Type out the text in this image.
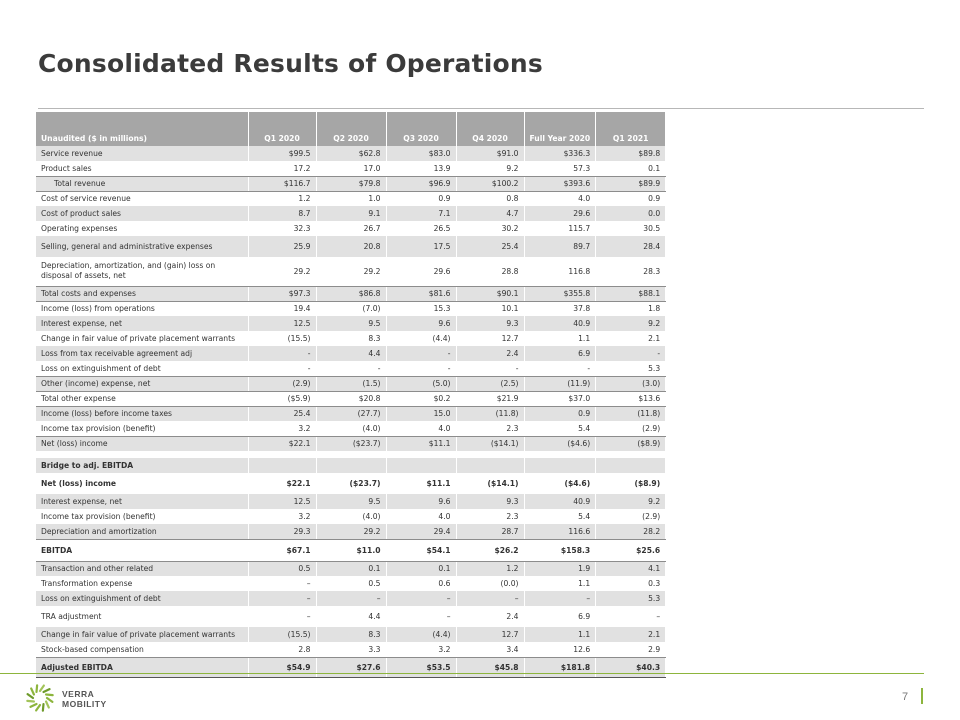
Consolidated Results of Operations
Unaudited ($ in millions)	Q1 2020	Q2 2020	Q3 2020	Q4 2020	Full Year 2020	Q1 2021
Service revenue	$99.5	$62.8	$83.0	$91.0	$336.3	$89.8
Product sales	17.2	17.0	13.9	9.2	57.3	0.1
Total revenue	$116.7	$79.8	$96.9	$100.2	$393.6	$89.9
Cost of service revenue	1.2	1.0	0.9	0.8	4.0	0.9
Cost of product sales	8.7	9.1	7.1	4.7	29.6	0.0
Operating expenses	32.3	26.7	26.5	30.2	115.7	30.5
Selling, general and administrative expenses	25.9	20.8	17.5	25.4	89.7	28.4
Depreciation, amortization, and (gain) loss on
disposal of assets, net	29.2	29.2	29.6	28.8	116.8	28.3
Total costs and expenses	$97.3	$86.8	$81.6	$90.1	$355.8	$88.1
Income (loss) from operations	19.4	(7.0)	15.3	10.1	37.8	1.8
Interest expense, net	12.5	9.5	9.6	9.3	40.9	9.2
Change in fair value of private placement warrants	(15.5)	8.3	(4.4)	12.7	1.1	2.1
Loss from tax receivable agreement adj	-	4.4	-	2.4	6.9	-
Loss on extinguishment of debt	-	-	-	-	-	5.3
Other (income) expense, net	(2.9)	(1.5)	(5.0)	(2.5)	(11.9)	(3.0)
Total other expense	($5.9)	$20.8	$0.2	$21.9	$37.0	$13.6
Income (loss) before income taxes	25.4	(27.7)	15.0	(11.8)	0.9	(11.8)
Income tax provision (benefit)	3.2	(4.0)	4.0	2.3	5.4	(2.9)
Net (loss) income	$22.1	($23.7)	$11.1	($14.1)	($4.6)	($8.9)

Bridge to adj. EBITDA						
Net (loss) income	$22.1	($23.7)	$11.1	($14.1)	($4.6)	($8.9)
Interest expense, net	12.5	9.5	9.6	9.3	40.9	9.2
Income tax provision (benefit)	3.2	(4.0)	4.0	2.3	5.4	(2.9)
Depreciation and amortization	29.3	29.2	29.4	28.7	116.6	28.2
EBITDA	$67.1	$11.0	$54.1	$26.2	$158.3	$25.6
Transaction and other related	0.5	0.1	0.1	1.2	1.9	4.1
Transformation expense	–	0.5	0.6	(0.0)	1.1	0.3
Loss on extinguishment of debt	–	–	–	–	–	5.3
TRA adjustment	–	4.4	–	2.4	6.9	–
Change in fair value of private placement warrants	(15.5)	8.3	(4.4)	12.7	1.1	2.1
Stock-based compensation	2.8	3.3	3.2	3.4	12.6	2.9
Adjusted EBITDA	$54.9	$27.6	$53.5	$45.8	$181.8	$40.3
VERRA
MOBILITY
7
